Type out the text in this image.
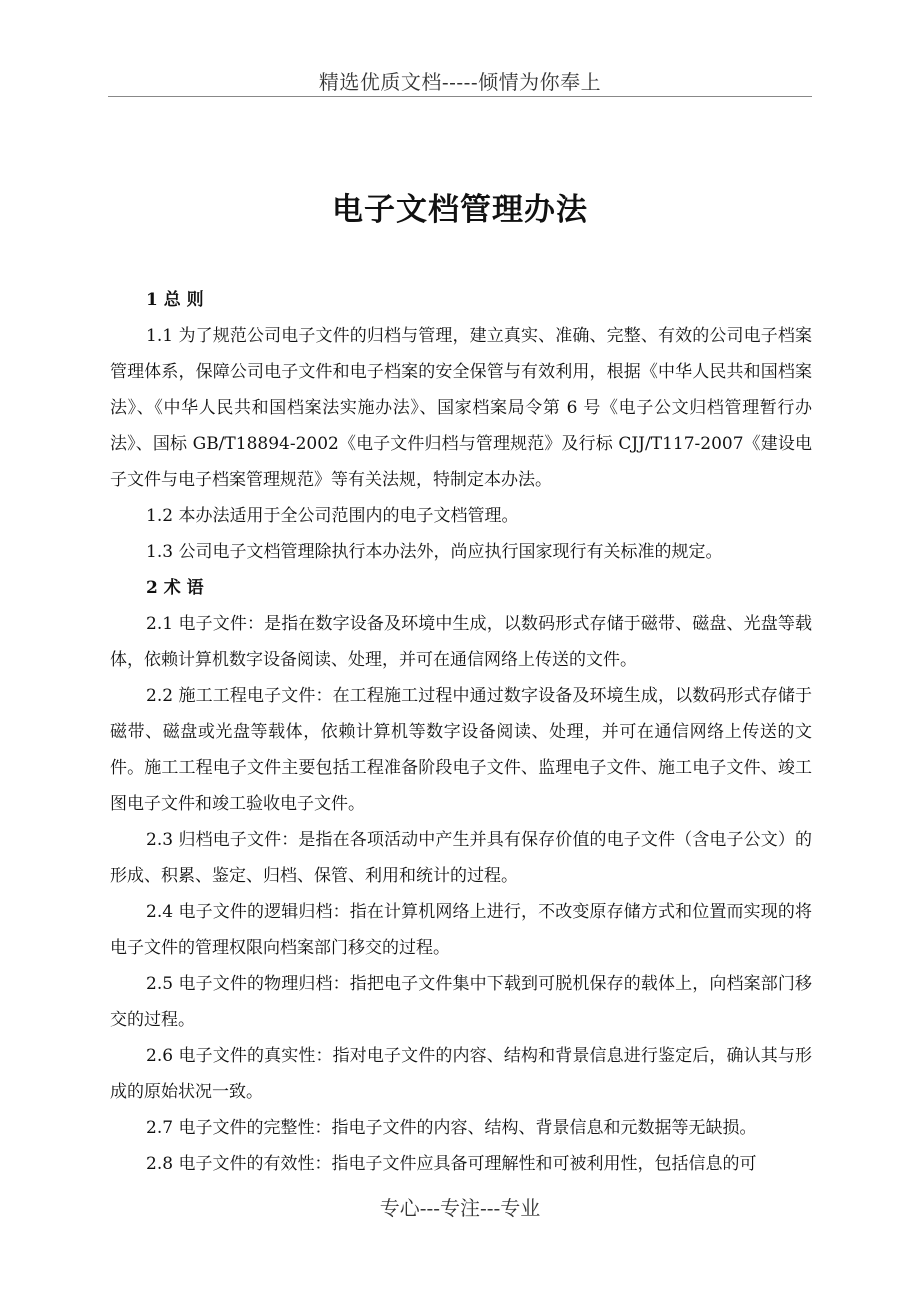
精选优质文档-----倾情为你奉上
电子文档管理办法

1 总 则

1.1 为了规范公司电子文件的归档与管理，建立真实、准确、完整、有效的公司电子档案管理体系，保障公司电子文件和电子档案的安全保管与有效利用，根据《中华人民共和国档案法》、《中华人民共和国档案法实施办法》、国家档案局令第 6 号《电子公文归档管理暂行办法》、国标 GB/T18894-2002《电子文件归档与管理规范》及行标 CJJ/T117-2007《建设电子文件与电子档案管理规范》等有关法规，特制定本办法。

1.2 本办法适用于全公司范围内的电子文档管理。

1.3 公司电子文档管理除执行本办法外，尚应执行国家现行有关标准的规定。

2 术 语

2.1 电子文件：是指在数字设备及环境中生成，以数码形式存储于磁带、磁盘、光盘等载体，依赖计算机数字设备阅读、处理，并可在通信网络上传送的文件。

2.2 施工工程电子文件：在工程施工过程中通过数字设备及环境生成，以数码形式存储于磁带、磁盘或光盘等载体，依赖计算机等数字设备阅读、处理，并可在通信网络上传送的文件。施工工程电子文件主要包括工程准备阶段电子文件、监理电子文件、施工电子文件、竣工图电子文件和竣工验收电子文件。

2.3 归档电子文件：是指在各项活动中产生并具有保存价值的电子文件（含电子公文）的形成、积累、鉴定、归档、保管、利用和统计的过程。

2.4 电子文件的逻辑归档：指在计算机网络上进行，不改变原存储方式和位置而实现的将电子文件的管理权限向档案部门移交的过程。

2.5 电子文件的物理归档：指把电子文件集中下载到可脱机保存的载体上，向档案部门移交的过程。

2.6 电子文件的真实性：指对电子文件的内容、结构和背景信息进行鉴定后，确认其与形成的原始状况一致。

2.7 电子文件的完整性：指电子文件的内容、结构、背景信息和元数据等无缺损。

2.8 电子文件的有效性：指电子文件应具备可理解性和可被利用性，包括信息的可

专心---专注---专业
